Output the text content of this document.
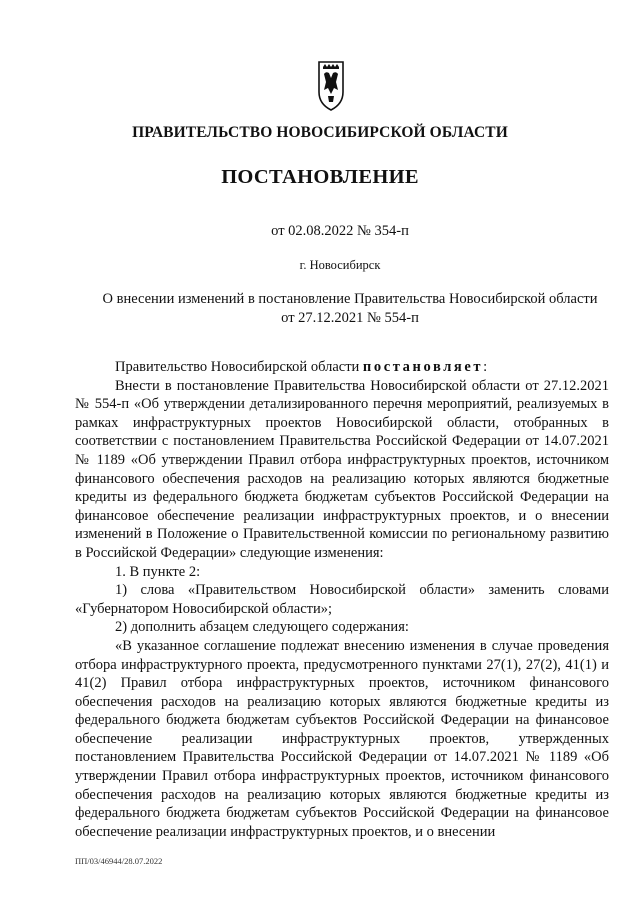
ПРАВИТЕЛЬСТВО НОВОСИБИРСКОЙ ОБЛАСТИ
ПОСТАНОВЛЕНИЕ
от 02.08.2022 № 354-п
г. Новосибирск
О внесении изменений в постановление Правительства Новосибирской области
от 27.12.2021 № 554-п

Правительство Новосибирской области постановляет:

Внести в постановление Правительства Новосибирской области от 27.12.2021 № 554-п «Об утверждении детализированного перечня мероприятий, реализуемых в рамках инфраструктурных проектов Новосибирской области, отобранных в соответствии с постановлением Правительства Российской Федерации от 14.07.2021 № 1189 «Об утверждении Правил отбора инфраструктурных проектов, источником финансового обеспечения расходов на реализацию которых являются бюджетные кредиты из федерального бюджета бюджетам субъектов Российской Федерации на финансовое обеспечение реализации инфраструктурных проектов, и о внесении изменений в Положение о Правительственной комиссии по региональному развитию в Российской Федерации» следующие изменения:

1. В пункте 2:

1) слова «Правительством Новосибирской области» заменить словами «Губернатором Новосибирской области»;

2) дополнить абзацем следующего содержания:

«В указанное соглашение подлежат внесению изменения в случае проведения отбора инфраструктурного проекта, предусмотренного пунктами 27(1), 27(2), 41(1) и 41(2) Правил отбора инфраструктурных проектов, источником финансового обеспечения расходов на реализацию которых являются бюджетные кредиты из федерального бюджета бюджетам субъектов Российской Федерации на финансовое обеспечение реализации инфраструктурных проектов, утвержденных постановлением Правительства Российской Федерации от 14.07.2021 № 1189 «Об утверждении Правил отбора инфраструктурных проектов, источником финансового обеспечения расходов на реализацию которых являются бюджетные кредиты из федерального бюджета бюджетам субъектов Российской Федерации на финансовое обеспечение реализации инфраструктурных проектов, и о внесении

ПП/03/46944/28.07.2022
